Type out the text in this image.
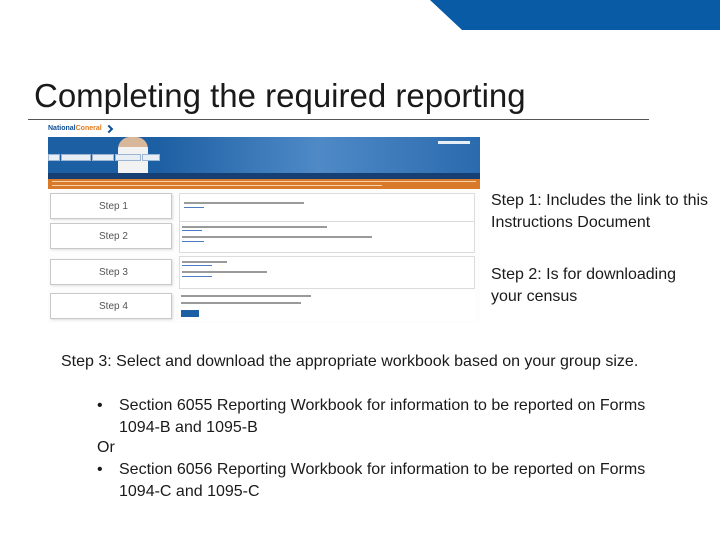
Completing the required reporting
NationalConeral
Step 1
Step 2
Step 3
Step 4
Step 1: Includes the link to this Instructions Document
Step 2: Is for downloading your census
Step 3: Select and download the appropriate workbook based on your group size.
• Section 6055 Reporting Workbook for information to be reported on Forms 1094-B and 1095-B
Or
• Section 6056 Reporting Workbook for information to be reported on Forms 1094-C and 1095-C
